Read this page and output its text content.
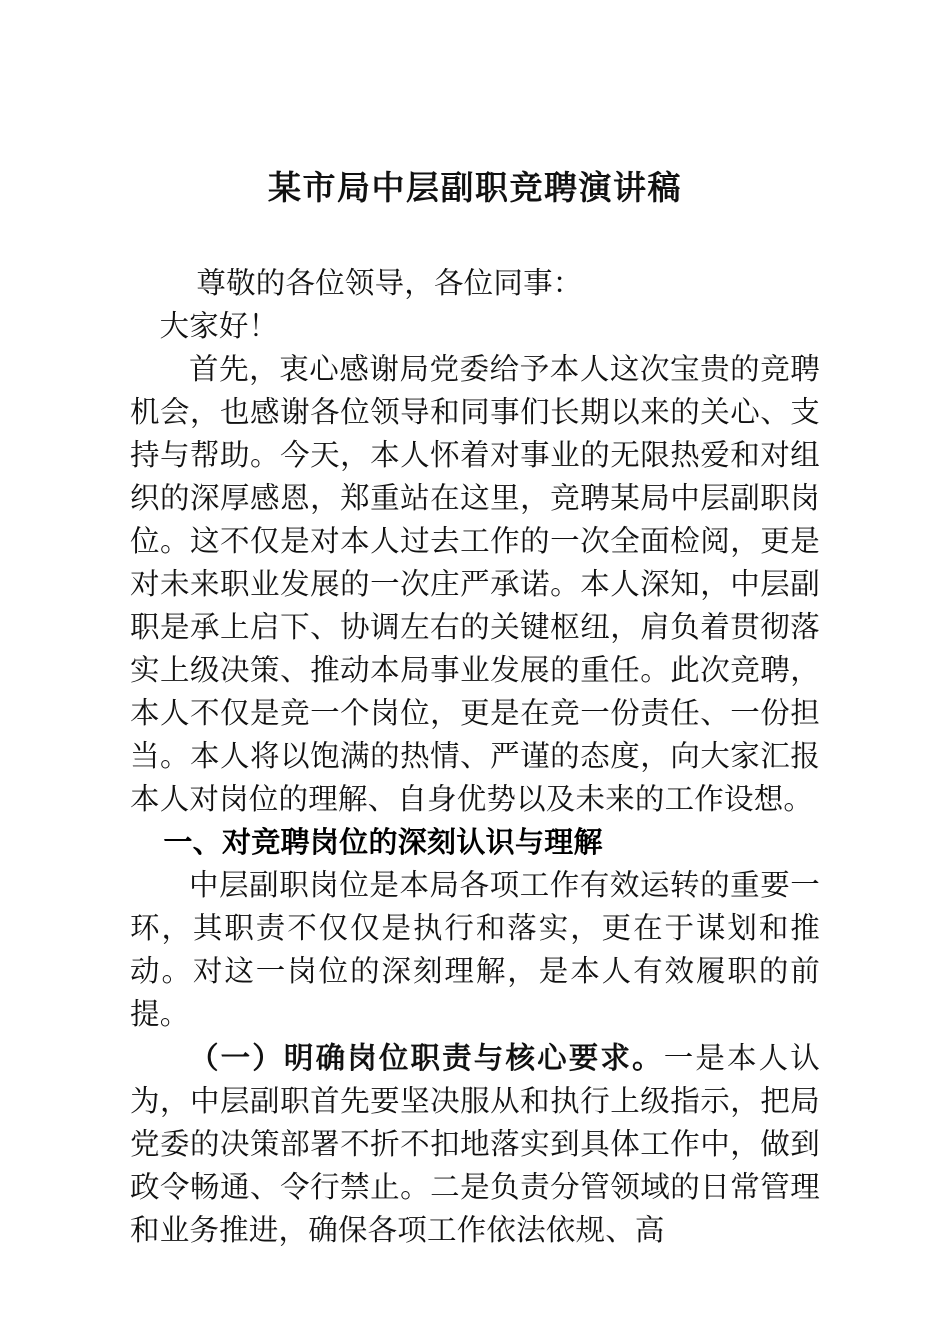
某市局中层副职竞聘演讲稿

尊敬的各位领导，各位同事：

大家好！

首先，衷心感谢局党委给予本人这次宝贵的竞聘机会，也感谢各位领导和同事们长期以来的关心、支持与帮助。今天，本人怀着对事业的无限热爱和对组织的深厚感恩，郑重站在这里，竞聘某局中层副职岗位。这不仅是对本人过去工作的一次全面检阅，更是对未来职业发展的一次庄严承诺。本人深知，中层副职是承上启下、协调左右的关键枢纽，肩负着贯彻落实上级决策、推动本局事业发展的重任。此次竞聘，本人不仅是竞一个岗位，更是在竞一份责任、一份担当。本人将以饱满的热情、严谨的态度，向大家汇报本人对岗位的理解、自身优势以及未来的工作设想。

一、对竞聘岗位的深刻认识与理解

中层副职岗位是本局各项工作有效运转的重要一环，其职责不仅仅是执行和落实，更在于谋划和推动。对这一岗位的深刻理解，是本人有效履职的前提。

（一）明确岗位职责与核心要求。一是本人认为，中层副职首先要坚决服从和执行上级指示，把局党委的决策部署不折不扣地落实到具体工作中，做到政令畅通、令行禁止。二是负责分管领域的日常管理和业务推进，确保各项工作依法依规、高
